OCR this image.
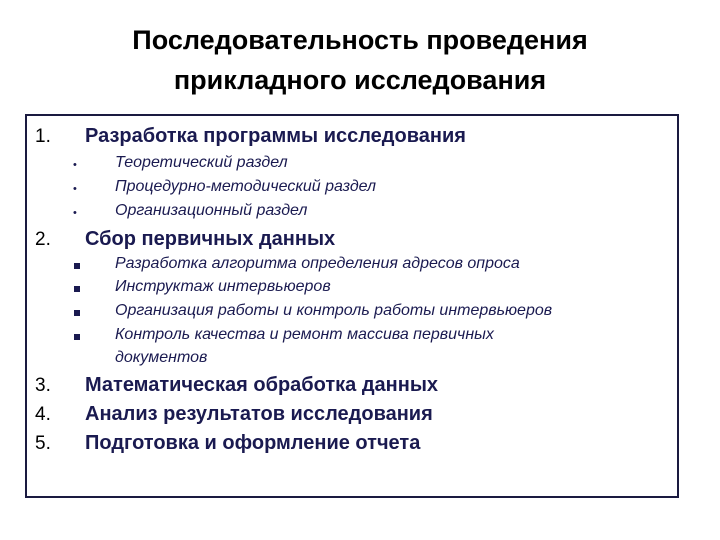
Последовательность проведения
прикладного исследования
1. Разработка программы исследования
• Теоретический раздел
• Процедурно-методический раздел
• Организационный раздел
2. Сбор первичных данных
Разработка алгоритма определения адресов опроса
Инструктаж интервьюеров
Организация работы и контроль работы интервьюеров
Контроль качества и ремонт массива первичных
документов
3. Математическая обработка данных
4. Анализ результатов исследования
5. Подготовка и оформление отчета
